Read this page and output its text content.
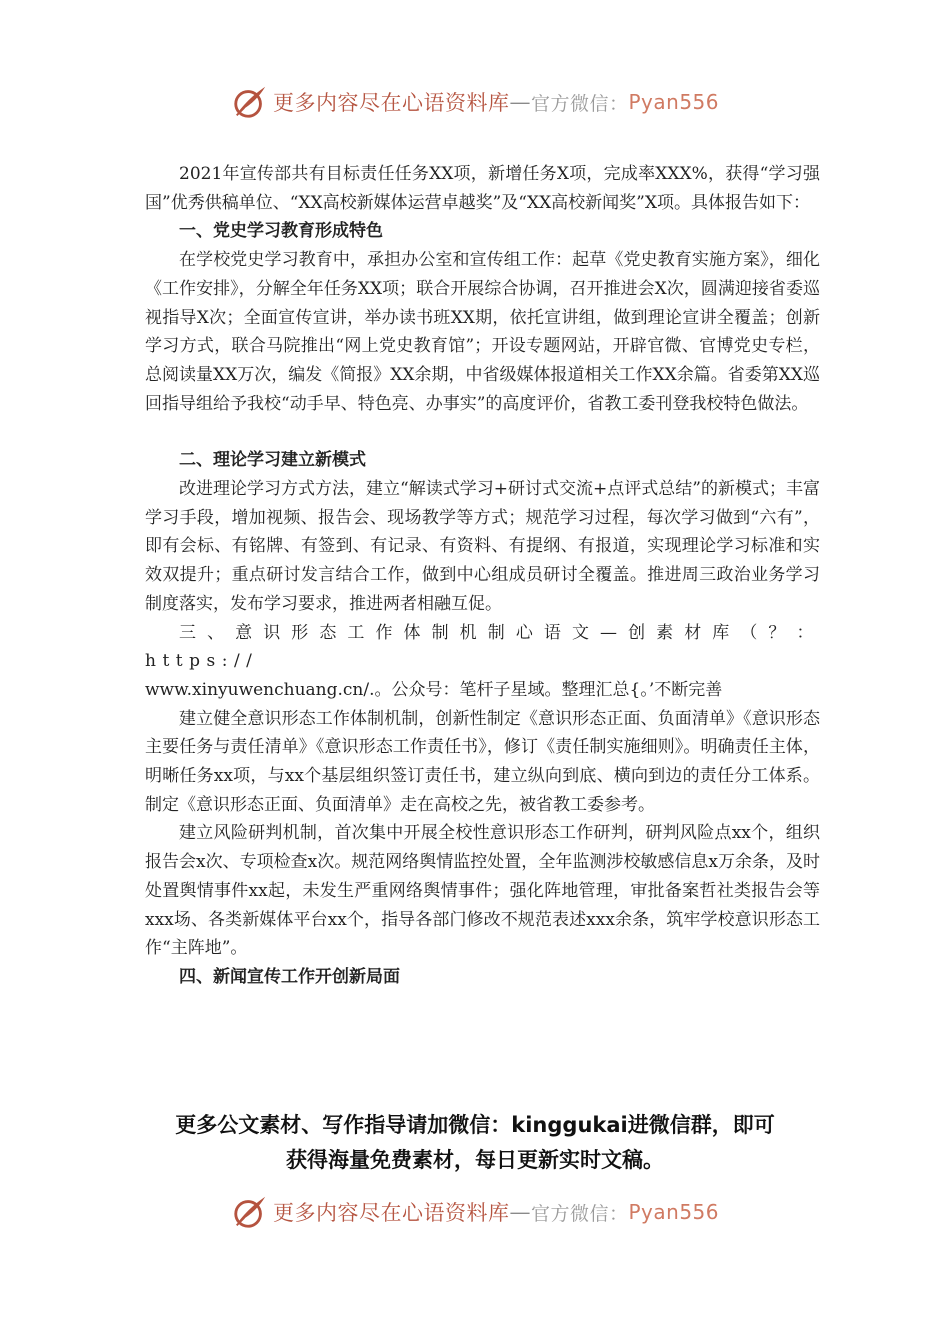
更多内容尽在心语资料库 — 官方微信： Pyan556

2021年宣传部共有目标责任任务XX项，新增任务X项，完成率XXX%，获得“学习强国”优秀供稿单位、“XX高校新媒体运营卓越奖”及“XX高校新闻奖”X项。具体报告如下：

一、党史学习教育形成特色

在学校党史学习教育中，承担办公室和宣传组工作：起草《党史教育实施方案》，细化《工作安排》，分解全年任务XX项；联合开展综合协调，召开推进会X次，圆满迎接省委巡视指导X次；全面宣传宣讲，举办读书班XX期，依托宣讲组，做到理论宣讲全覆盖；创新学习方式，联合马院推出“网上党史教育馆”；开设专题网站，开辟官微、官博党史专栏，总阅读量XX万次，编发《简报》XX余期，中省级媒体报道相关工作XX余篇。省委第XX巡回指导组给予我校“动手早、特色亮、办事实”的高度评价，省教工委刊登我校特色做法。

二、理论学习建立新模式

改进理论学习方式方法，建立“解读式学习+研讨式交流+点评式总结”的新模式；丰富学习手段，增加视频、报告会、现场教学等方式；规范学习过程，每次学习做到“六有”，即有会标、有铭牌、有签到、有记录、有资料、有提纲、有报道，实现理论学习标准和实效双提升；重点研讨发言结合工作，做到中心组成员研讨全覆盖。推进周三政治业务学习制度落实，发布学习要求，推进两者相融互促。

三、意识形态工作体制机制心语文—创素材库（？：https://

www.xinyuwenchuang.cn/.。公众号：笔杆子星域。整理汇总{。’不断完善

建立健全意识形态工作体制机制，创新性制定《意识形态正面、负面清单》《意识形态主要任务与责任清单》《意识形态工作责任书》，修订《责任制实施细则》。明确责任主体，明晰任务xx项，与xx个基层组织签订责任书，建立纵向到底、横向到边的责任分工体系。制定《意识形态正面、负面清单》走在高校之先，被省教工委参考。

建立风险研判机制，首次集中开展全校性意识形态工作研判，研判风险点xx个，组织报告会x次、专项检查x次。规范网络舆情监控处置，全年监测涉校敏感信息x万余条，及时处置舆情事件xx起，未发生严重网络舆情事件；强化阵地管理，审批备案哲社类报告会等xxx场、各类新媒体平台xx个，指导各部门修改不规范表述xxx余条，筑牢学校意识形态工作“主阵地”。

四、新闻宣传工作开创新局面

更多公文素材、写作指导请加微信：kinggukai进微信群，即可
获得海量免费素材，每日更新实时文稿。
更多内容尽在心语资料库 — 官方微信： Pyan556
